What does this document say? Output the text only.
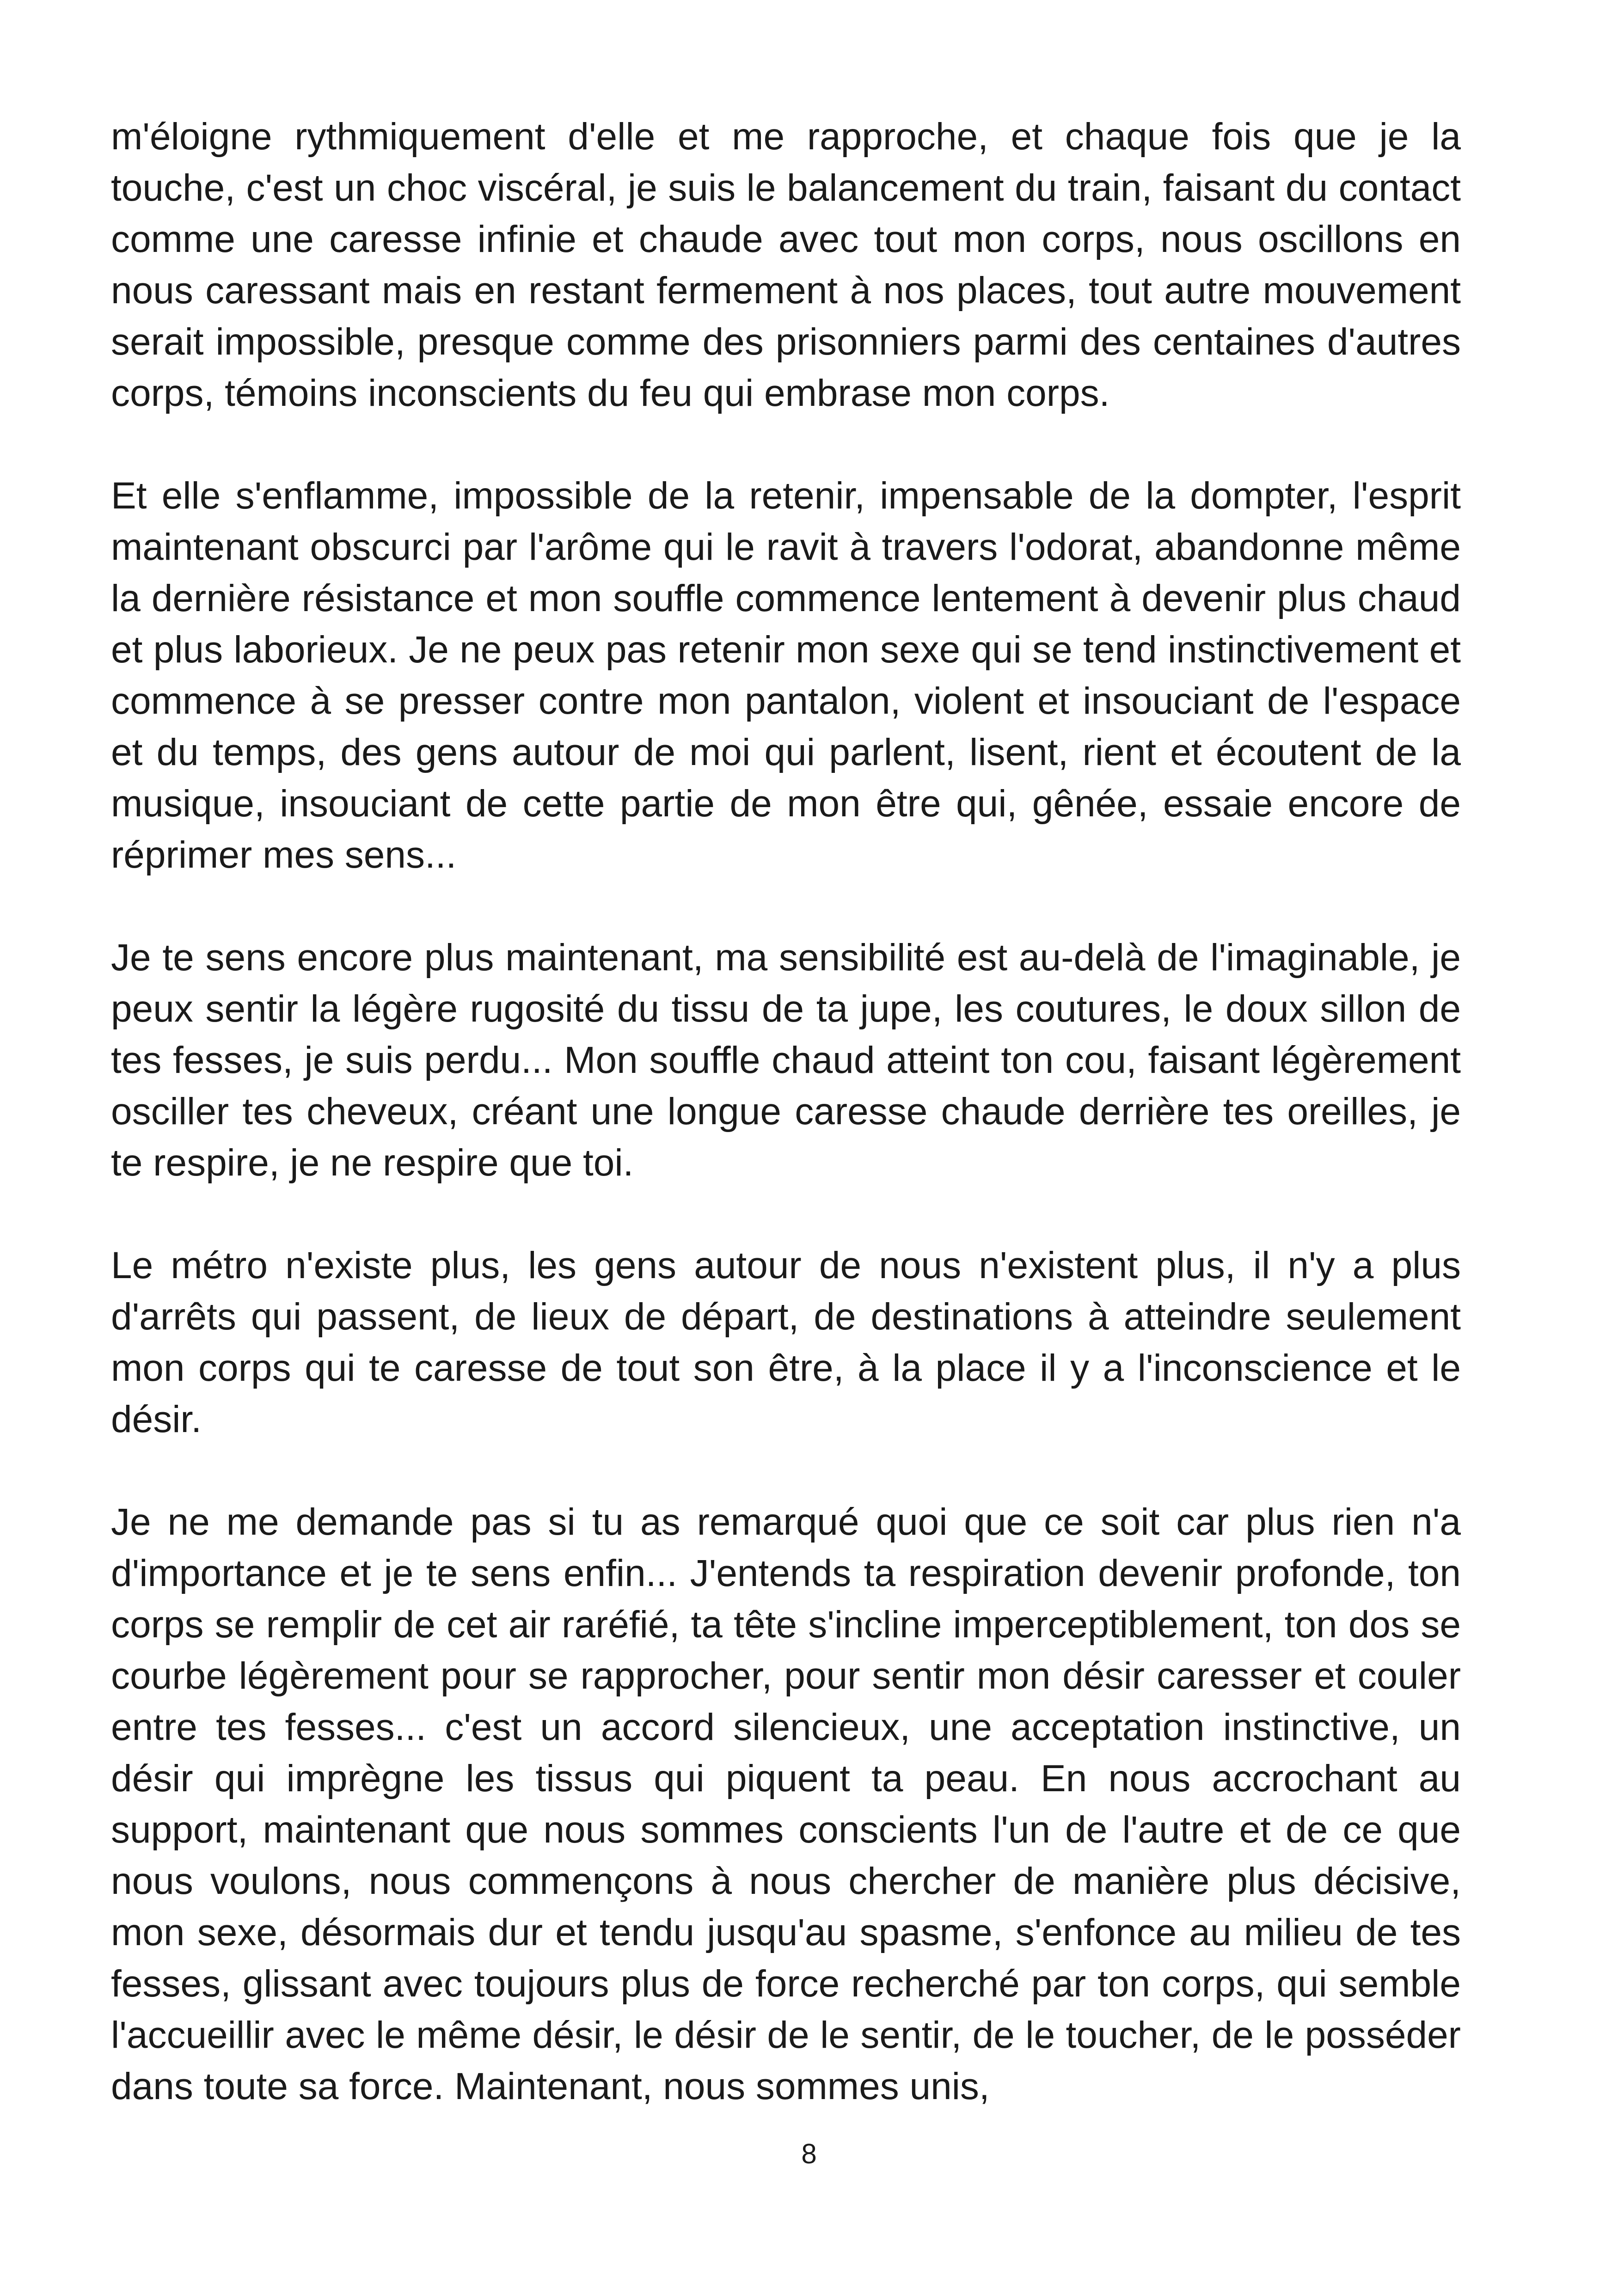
m'éloigne rythmiquement d'elle et me rapproche, et chaque fois que je la touche, c'est un choc viscéral, je suis le balancement du train, faisant du contact comme une caresse infinie et chaude avec tout mon corps, nous oscillons en nous caressant mais en restant fermement à nos places, tout autre mouvement serait impossible, presque comme des prisonniers parmi des centaines d'autres corps, témoins inconscients du feu qui embrase mon corps.

Et elle s'enflamme, impossible de la retenir, impensable de la dompter, l'esprit maintenant obscurci par l'arôme qui le ravit à travers l'odorat, abandonne même la dernière résistance et mon souffle commence lentement à devenir plus chaud et plus laborieux. Je ne peux pas retenir mon sexe qui se tend instinctivement et commence à se presser contre mon pantalon, violent et insouciant de l'espace et du temps, des gens autour de moi qui parlent, lisent, rient et écoutent de la musique, insouciant de cette partie de mon être qui, gênée, essaie encore de réprimer mes sens...

Je te sens encore plus maintenant, ma sensibilité est au-delà de l'imaginable, je peux sentir la légère rugosité du tissu de ta jupe, les coutures, le doux sillon de tes fesses, je suis perdu... Mon souffle chaud atteint ton cou, faisant légèrement osciller tes cheveux, créant une longue caresse chaude derrière tes oreilles, je te respire, je ne respire que toi.

Le métro n'existe plus, les gens autour de nous n'existent plus, il n'y a plus d'arrêts qui passent, de lieux de départ, de destinations à atteindre seulement mon corps qui te caresse de tout son être, à la place il y a l'inconscience et le désir.

Je ne me demande pas si tu as remarqué quoi que ce soit car plus rien n'a d'importance et je te sens enfin... J'entends ta respiration devenir profonde, ton corps se remplir de cet air raréfié, ta tête s'incline imperceptiblement, ton dos se courbe légèrement pour se rapprocher, pour sentir mon désir caresser et couler entre tes fesses... c'est un accord silencieux, une acceptation instinctive, un désir qui imprègne les tissus qui piquent ta peau. En nous accrochant au support, maintenant que nous sommes conscients l'un de l'autre et de ce que nous voulons, nous commençons à nous chercher de manière plus décisive, mon sexe, désormais dur et tendu jusqu'au spasme, s'enfonce au milieu de tes fesses, glissant avec toujours plus de force recherché par ton corps, qui semble l'accueillir avec le même désir, le désir de le sentir, de le toucher, de le posséder dans toute sa force. Maintenant, nous sommes unis,

8
